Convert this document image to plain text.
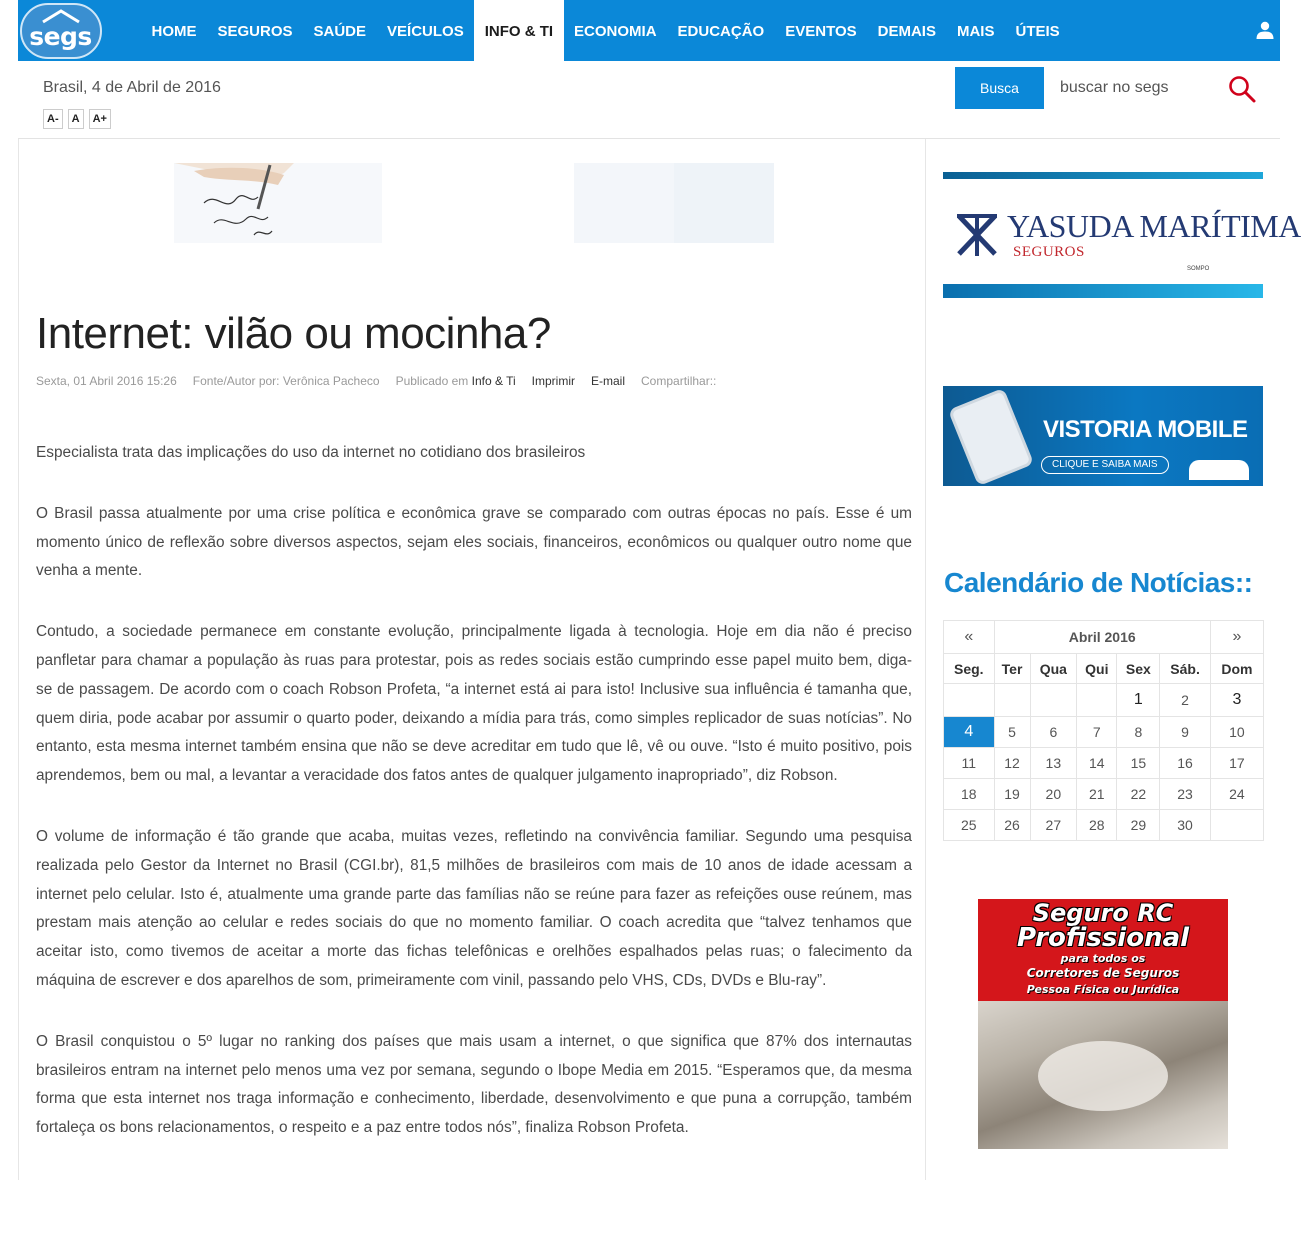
segs	HOME	SEGUROS	SAÚDE	VEÍCULOS	INFO & TI	ECONOMIA	EDUCAÇÃO	EVENTOS	DEMAIS	MAIS	ÚTEIS
Brasil, 4 de Abril de 2016
A-	A	A+
Busca
buscar no segs
Internet: vilão ou mocinha?
Sexta, 01 Abril 2016 15:26 Fonte/Autor por: Verônica Pacheco Publicado em Info & Ti Imprimir E-mail Compartilhar::

Especialista trata das implicações do uso da internet no cotidiano dos brasileiros

O Brasil passa atualmente por uma crise política e econômica grave se comparado com outras épocas no país. Esse é um momento único de reflexão sobre diversos aspectos, sejam eles sociais, financeiros, econômicos ou qualquer outro nome que venha a mente.

Contudo, a sociedade permanece em constante evolução, principalmente ligada à tecnologia. Hoje em dia não é preciso panfletar para chamar a população às ruas para protestar, pois as redes sociais estão cumprindo esse papel muito bem, diga-se de passagem. De acordo com o coach Robson Profeta, “a internet está ai para isto! Inclusive sua influência é tamanha que, quem diria, pode acabar por assumir o quarto poder, deixando a mídia para trás, como simples replicador de suas notícias”. No entanto, esta mesma internet também ensina que não se deve acreditar em tudo que lê, vê ou ouve. “Isto é muito positivo, pois aprendemos, bem ou mal, a levantar a veracidade dos fatos antes de qualquer julgamento inapropriado”, diz Robson.

O volume de informação é tão grande que acaba, muitas vezes, refletindo na convivência familiar. Segundo uma pesquisa realizada pelo Gestor da Internet no Brasil (CGI.br), 81,5 milhões de brasileiros com mais de 10 anos de idade acessam a internet pelo celular. Isto é, atualmente uma grande parte das famílias não se reúne para fazer as refeições ouse reúnem, mas prestam mais atenção ao celular e redes sociais do que no momento familiar. O coach acredita que “talvez tenhamos que aceitar isto, como tivemos de aceitar a morte das fichas telefônicas e orelhões espalhados pelas ruas; o falecimento da máquina de escrever e dos aparelhos de som, primeiramente com vinil, passando pelo VHS, CDs, DVDs e Blu-ray”.

O Brasil conquistou o 5º lugar no ranking dos países que mais usam a internet, o que significa que 87% dos internautas brasileiros entram na internet pelo menos uma vez por semana, segundo o Ibope Media em 2015. “Esperamos que, da mesma forma que esta internet nos traga informação e conhecimento, liberdade, desenvolvimento e que puna a corrupção, também fortaleça os bons relacionamentos, o respeito e a paz entre todos nós”, finaliza Robson Profeta.

YASUDA MARÍTIMA
SEGUROS
SOMPO
VISTORIA MOBILE
CLIQUE E SAIBA MAIS
Calendário de Notícias::
«	Abril 2016					»
Seg.	Ter	Qua	Qui	Sex	Sáb.	Dom
				1	2	3
4	5	6	7	8	9	10
11	12	13	14	15	16	17
18	19	20	21	22	23	24
25	26	27	28	29	30	
Seguro RC
Profissional
para todos os
Corretores de Seguros
Pessoa Física ou Jurídica
